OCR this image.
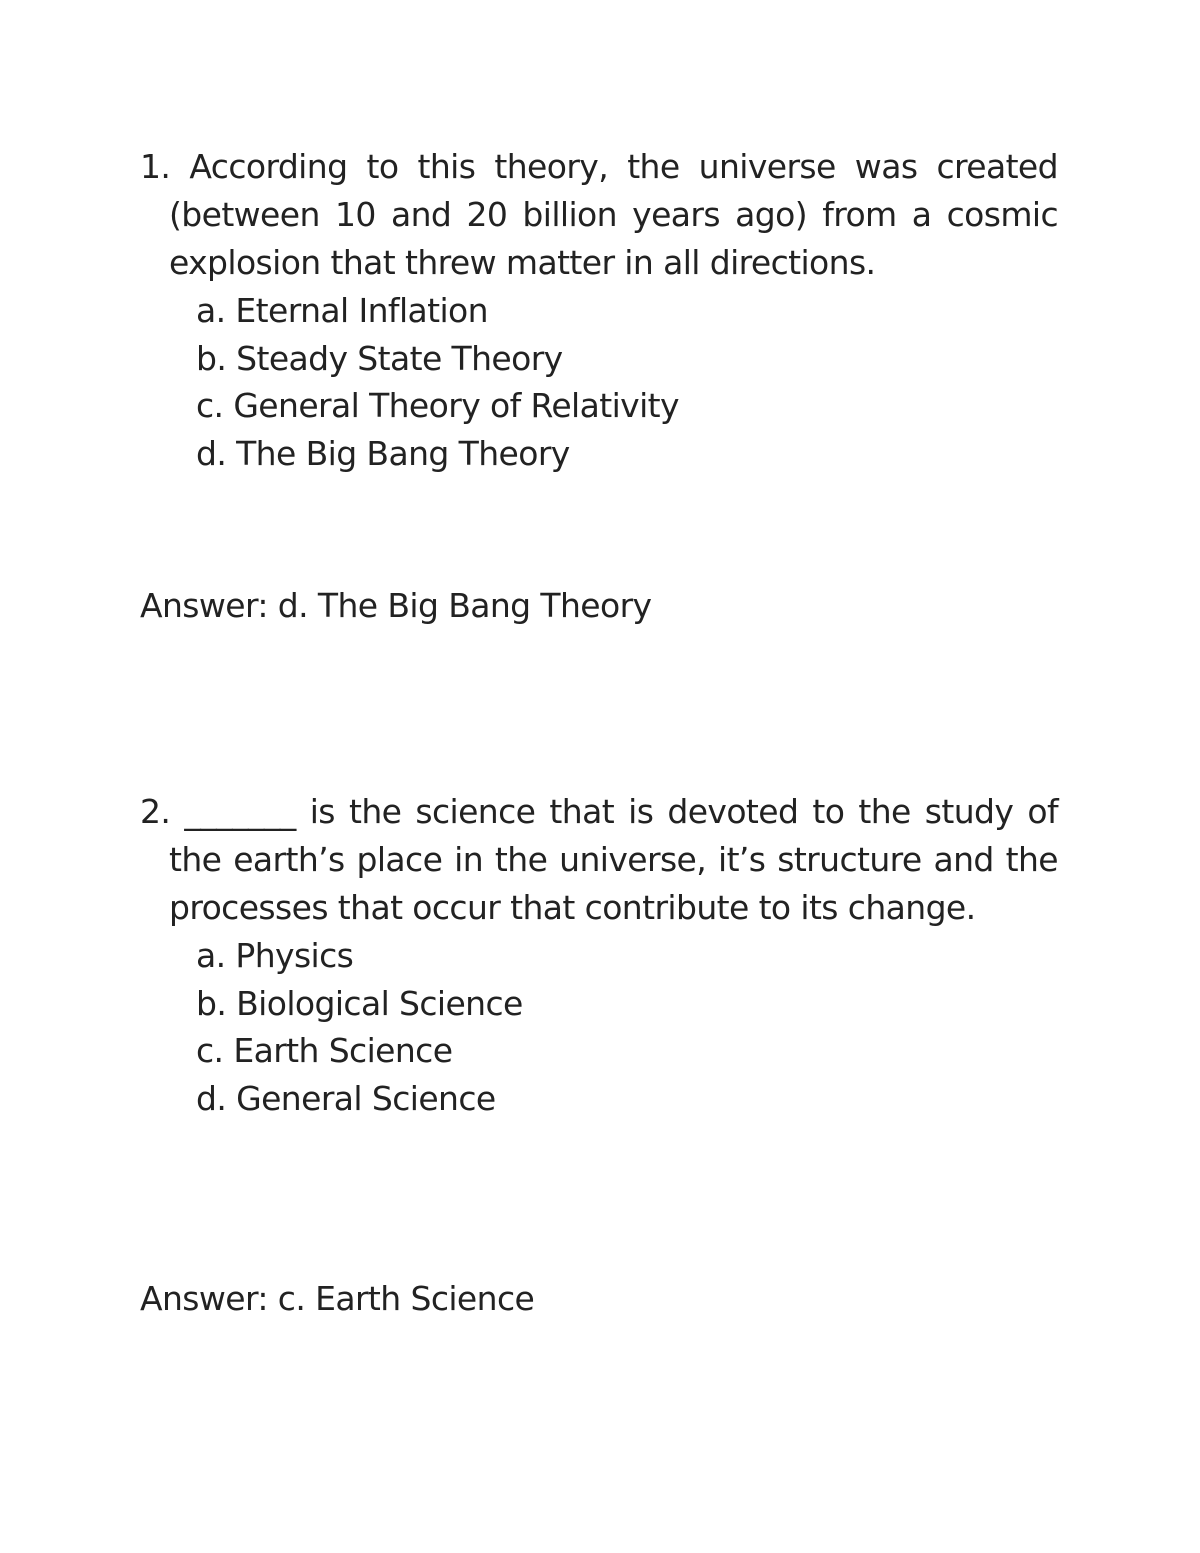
1. According to this theory, the universe was created (between 10 and 20 billion years ago) from a cosmic explosion that threw matter in all directions.
a. Eternal Inflation
b. Steady State Theory
c. General Theory of Relativity
d. The Big Bang Theory
Answer: d. The Big Bang Theory
2. _______ is the science that is devoted to the study of the earth’s place in the universe, it’s structure and the processes that occur that contribute to its change.
a. Physics
b. Biological Science
c. Earth Science
d. General Science
Answer: c. Earth Science
